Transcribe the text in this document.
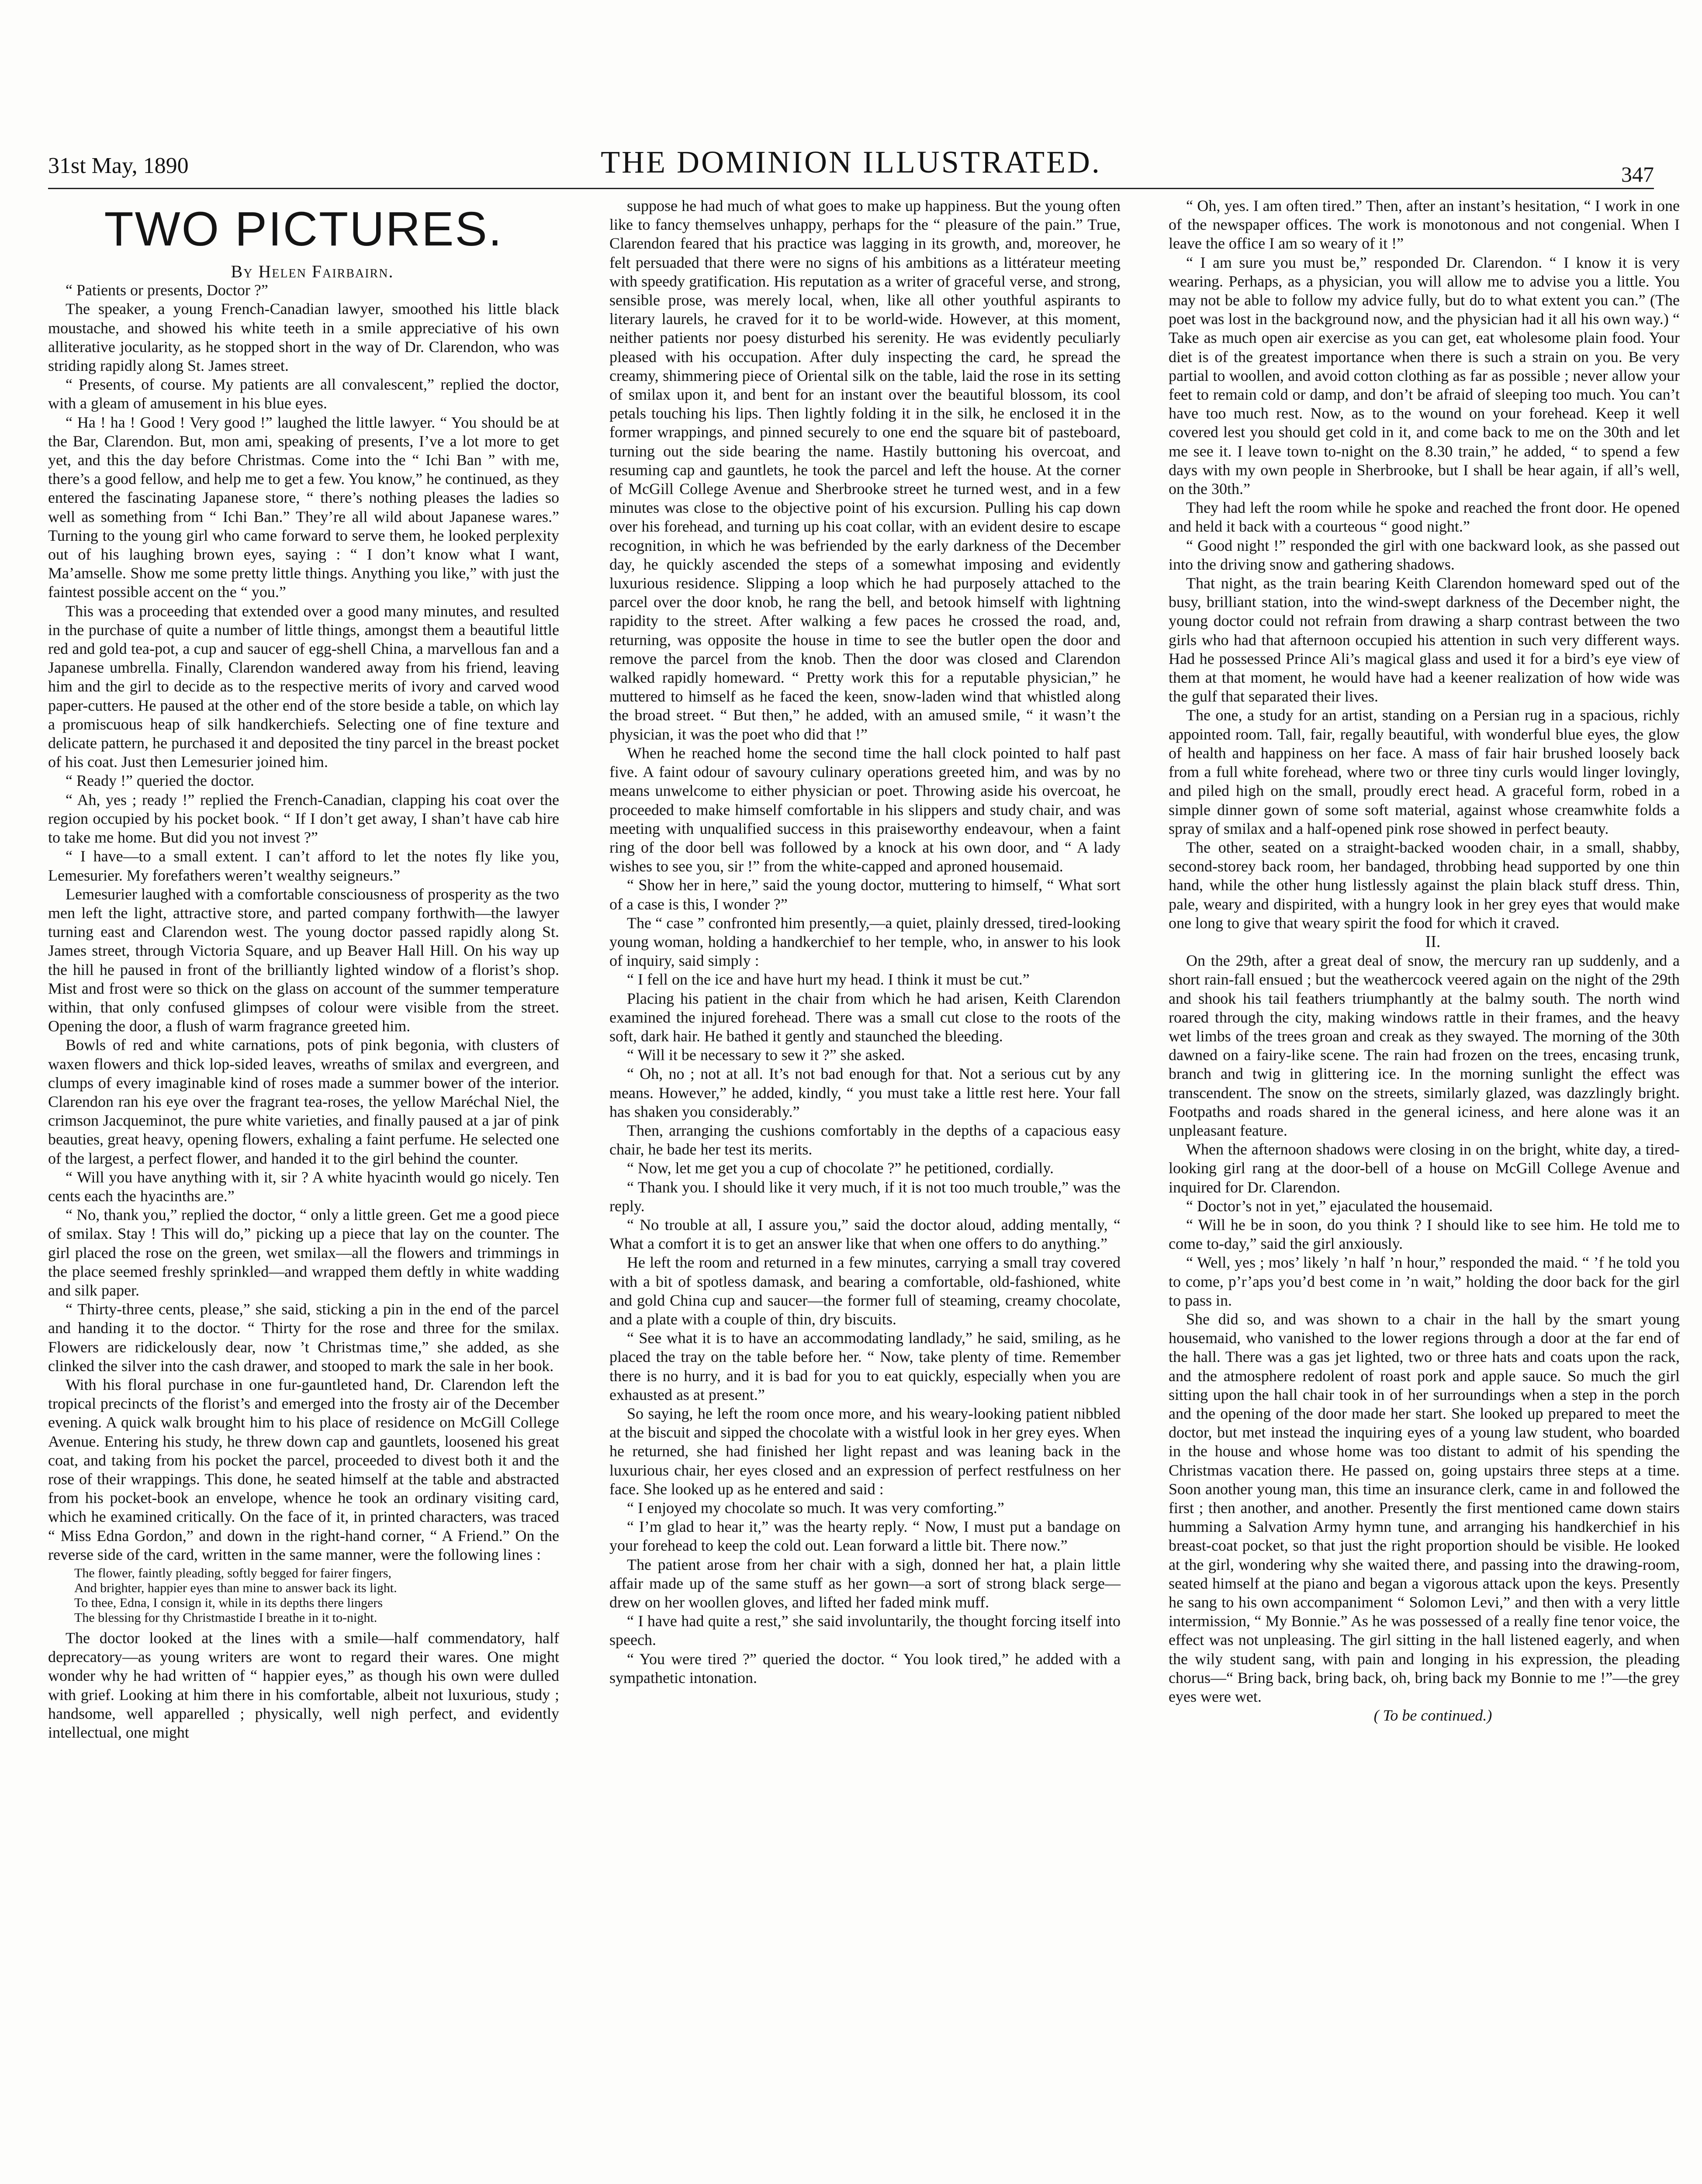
31st May, 1890	THE DOMINION ILLUSTRATED.	347
TWO PICTURES.

By Helen Fairbairn.

“ Patients or presents, Doctor ?”

The speaker, a young French-Canadian lawyer, smoothed his little black moustache, and showed his white teeth in a smile appreciative of his own alliterative jocularity, as he stopped short in the way of Dr. Clarendon, who was striding rapidly along St. James street.

“ Presents, of course. My patients are all convalescent,” replied the doctor, with a gleam of amusement in his blue eyes.

“ Ha ! ha ! Good ! Very good !” laughed the little lawyer. “ You should be at the Bar, Clarendon. But, mon ami, speaking of presents, I’ve a lot more to get yet, and this the day before Christmas. Come into the “ Ichi Ban ” with me, there’s a good fellow, and help me to get a few. You know,” he continued, as they entered the fascinating Japanese store, “ there’s nothing pleases the ladies so well as something from “ Ichi Ban.” They’re all wild about Japanese wares.” Turning to the young girl who came forward to serve them, he looked perplexity out of his laughing brown eyes, saying : “ I don’t know what I want, Ma’amselle. Show me some pretty little things. Anything you like,” with just the faintest possible accent on the “ you.”

This was a proceeding that extended over a good many minutes, and resulted in the purchase of quite a number of little things, amongst them a beautiful little red and gold tea-pot, a cup and saucer of egg-shell China, a marvellous fan and a Japanese umbrella. Finally, Clarendon wandered away from his friend, leaving him and the girl to decide as to the respective merits of ivory and carved wood paper-cutters. He paused at the other end of the store beside a table, on which lay a promiscuous heap of silk handkerchiefs. Selecting one of fine texture and delicate pattern, he purchased it and deposited the tiny parcel in the breast pocket of his coat. Just then Lemesurier joined him.

“ Ready !” queried the doctor.

“ Ah, yes ; ready !” replied the French-Canadian, clapping his coat over the region occupied by his pocket book. “ If I don’t get away, I shan’t have cab hire to take me home. But did you not invest ?”

“ I have—to a small extent. I can’t afford to let the notes fly like you, Lemesurier. My forefathers weren’t wealthy seigneurs.”

Lemesurier laughed with a comfortable consciousness of prosperity as the two men left the light, attractive store, and parted company forthwith—the lawyer turning east and Clarendon west. The young doctor passed rapidly along St. James street, through Victoria Square, and up Beaver Hall Hill. On his way up the hill he paused in front of the brilliantly lighted window of a florist’s shop. Mist and frost were so thick on the glass on account of the summer temperature within, that only confused glimpses of colour were visible from the street. Opening the door, a flush of warm fragrance greeted him.

Bowls of red and white carnations, pots of pink begonia, with clusters of waxen flowers and thick lop-sided leaves, wreaths of smilax and evergreen, and clumps of every imaginable kind of roses made a summer bower of the interior. Clarendon ran his eye over the fragrant tea-roses, the yellow Maréchal Niel, the crimson Jacqueminot, the pure white varieties, and finally paused at a jar of pink beauties, great heavy, opening flowers, exhaling a faint perfume. He selected one of the largest, a perfect flower, and handed it to the girl behind the counter.

“ Will you have anything with it, sir ? A white hyacinth would go nicely. Ten cents each the hyacinths are.”

“ No, thank you,” replied the doctor, “ only a little green. Get me a good piece of smilax. Stay ! This will do,” picking up a piece that lay on the counter. The girl placed the rose on the green, wet smilax—all the flowers and trimmings in the place seemed freshly sprinkled—and wrapped them deftly in white wadding and silk paper.

“ Thirty-three cents, please,” she said, sticking a pin in the end of the parcel and handing it to the doctor. “ Thirty for the rose and three for the smilax. Flowers are ridickelously dear, now ’t Christmas time,” she added, as she clinked the silver into the cash drawer, and stooped to mark the sale in her book.

With his floral purchase in one fur-gauntleted hand, Dr. Clarendon left the tropical precincts of the florist’s and emerged into the frosty air of the December evening. A quick walk brought him to his place of residence on McGill College Avenue. Entering his study, he threw down cap and gauntlets, loosened his great coat, and taking from his pocket the parcel, proceeded to divest both it and the rose of their wrappings. This done, he seated himself at the table and abstracted from his pocket-book an envelope, whence he took an ordinary visiting card, which he examined critically. On the face of it, in printed characters, was traced “ Miss Edna Gordon,” and down in the right-hand corner, “ A Friend.” On the reverse side of the card, written in the same manner, were the following lines :

The flower, faintly pleading, softly begged for fairer fingers,
And brighter, happier eyes than mine to answer back its light.
To thee, Edna, I consign it, while in its depths there lingers
The blessing for thy Christmastide I breathe in it to-night.

The doctor looked at the lines with a smile—half commendatory, half deprecatory—as young writers are wont to regard their wares. One might wonder why he had written of “ happier eyes,” as though his own were dulled with grief. Looking at him there in his comfortable, albeit not luxurious, study ; handsome, well apparelled ; physically, well nigh perfect, and evidently intellectual, one might

suppose he had much of what goes to make up happiness. But the young often like to fancy themselves unhappy, perhaps for the “ pleasure of the pain.” True, Clarendon feared that his practice was lagging in its growth, and, moreover, he felt persuaded that there were no signs of his ambitions as a littérateur meeting with speedy gratification. His reputation as a writer of graceful verse, and strong, sensible prose, was merely local, when, like all other youthful aspirants to literary laurels, he craved for it to be world-wide. However, at this moment, neither patients nor poesy disturbed his serenity. He was evidently peculiarly pleased with his occupation. After duly inspecting the card, he spread the creamy, shimmering piece of Oriental silk on the table, laid the rose in its setting of smilax upon it, and bent for an instant over the beautiful blossom, its cool petals touching his lips. Then lightly folding it in the silk, he enclosed it in the former wrappings, and pinned securely to one end the square bit of pasteboard, turning out the side bearing the name. Hastily buttoning his overcoat, and resuming cap and gauntlets, he took the parcel and left the house. At the corner of McGill College Avenue and Sherbrooke street he turned west, and in a few minutes was close to the objective point of his excursion. Pulling his cap down over his forehead, and turning up his coat collar, with an evident desire to escape recognition, in which he was befriended by the early darkness of the December day, he quickly ascended the steps of a somewhat imposing and evidently luxurious residence. Slipping a loop which he had purposely attached to the parcel over the door knob, he rang the bell, and betook himself with lightning rapidity to the street. After walking a few paces he crossed the road, and, returning, was opposite the house in time to see the butler open the door and remove the parcel from the knob. Then the door was closed and Clarendon walked rapidly homeward. “ Pretty work this for a reputable physician,” he muttered to himself as he faced the keen, snow-laden wind that whistled along the broad street. “ But then,” he added, with an amused smile, “ it wasn’t the physician, it was the poet who did that !”

When he reached home the second time the hall clock pointed to half past five. A faint odour of savoury culinary operations greeted him, and was by no means unwelcome to either physician or poet. Throwing aside his overcoat, he proceeded to make himself comfortable in his slippers and study chair, and was meeting with unqualified success in this praiseworthy endeavour, when a faint ring of the door bell was followed by a knock at his own door, and “ A lady wishes to see you, sir !” from the white-capped and aproned housemaid.

“ Show her in here,” said the young doctor, muttering to himself, “ What sort of a case is this, I wonder ?”

The “ case ” confronted him presently,—a quiet, plainly dressed, tired-looking young woman, holding a handkerchief to her temple, who, in answer to his look of inquiry, said simply :

“ I fell on the ice and have hurt my head. I think it must be cut.”

Placing his patient in the chair from which he had arisen, Keith Clarendon examined the injured forehead. There was a small cut close to the roots of the soft, dark hair. He bathed it gently and staunched the bleeding.

“ Will it be necessary to sew it ?” she asked.

“ Oh, no ; not at all. It’s not bad enough for that. Not a serious cut by any means. However,” he added, kindly, “ you must take a little rest here. Your fall has shaken you considerably.”

Then, arranging the cushions comfortably in the depths of a capacious easy chair, he bade her test its merits.

“ Now, let me get you a cup of chocolate ?” he petitioned, cordially.

“ Thank you. I should like it very much, if it is not too much trouble,” was the reply.

“ No trouble at all, I assure you,” said the doctor aloud, adding mentally, “ What a comfort it is to get an answer like that when one offers to do anything.”

He left the room and returned in a few minutes, carrying a small tray covered with a bit of spotless damask, and bearing a comfortable, old-fashioned, white and gold China cup and saucer—the former full of steaming, creamy chocolate, and a plate with a couple of thin, dry biscuits.

“ See what it is to have an accommodating landlady,” he said, smiling, as he placed the tray on the table before her. “ Now, take plenty of time. Remember there is no hurry, and it is bad for you to eat quickly, especially when you are exhausted as at present.”

So saying, he left the room once more, and his weary-looking patient nibbled at the biscuit and sipped the chocolate with a wistful look in her grey eyes. When he returned, she had finished her light repast and was leaning back in the luxurious chair, her eyes closed and an expression of perfect restfulness on her face. She looked up as he entered and said :

“ I enjoyed my chocolate so much. It was very comforting.”

“ I’m glad to hear it,” was the hearty reply. “ Now, I must put a bandage on your forehead to keep the cold out. Lean forward a little bit. There now.”

The patient arose from her chair with a sigh, donned her hat, a plain little affair made up of the same stuff as her gown—a sort of strong black serge—drew on her woollen gloves, and lifted her faded mink muff.

“ I have had quite a rest,” she said involuntarily, the thought forcing itself into speech.

“ You were tired ?” queried the doctor. “ You look tired,” he added with a sympathetic intonation.

“ Oh, yes. I am often tired.” Then, after an instant’s hesitation, “ I work in one of the newspaper offices. The work is monotonous and not congenial. When I leave the office I am so weary of it !”

“ I am sure you must be,” responded Dr. Clarendon. “ I know it is very wearing. Perhaps, as a physician, you will allow me to advise you a little. You may not be able to follow my advice fully, but do to what extent you can.” (The poet was lost in the background now, and the physician had it all his own way.) “ Take as much open air exercise as you can get, eat wholesome plain food. Your diet is of the greatest importance when there is such a strain on you. Be very partial to woollen, and avoid cotton clothing as far as possible ; never allow your feet to remain cold or damp, and don’t be afraid of sleeping too much. You can’t have too much rest. Now, as to the wound on your forehead. Keep it well covered lest you should get cold in it, and come back to me on the 30th and let me see it. I leave town to-night on the 8.30 train,” he added, “ to spend a few days with my own people in Sherbrooke, but I shall be hear again, if all’s well, on the 30th.”

They had left the room while he spoke and reached the front door. He opened and held it back with a courteous “ good night.”

“ Good night !” responded the girl with one backward look, as she passed out into the driving snow and gathering shadows.

That night, as the train bearing Keith Clarendon homeward sped out of the busy, brilliant station, into the wind-swept darkness of the December night, the young doctor could not refrain from drawing a sharp contrast between the two girls who had that afternoon occupied his attention in such very different ways. Had he possessed Prince Ali’s magical glass and used it for a bird’s eye view of them at that moment, he would have had a keener realization of how wide was the gulf that separated their lives.

The one, a study for an artist, standing on a Persian rug in a spacious, richly appointed room. Tall, fair, regally beautiful, with wonderful blue eyes, the glow of health and happiness on her face. A mass of fair hair brushed loosely back from a full white forehead, where two or three tiny curls would linger lovingly, and piled high on the small, proudly erect head. A graceful form, robed in a simple dinner gown of some soft material, against whose creamwhite folds a spray of smilax and a half-opened pink rose showed in perfect beauty.

The other, seated on a straight-backed wooden chair, in a small, shabby, second-storey back room, her bandaged, throbbing head supported by one thin hand, while the other hung listlessly against the plain black stuff dress. Thin, pale, weary and dispirited, with a hungry look in her grey eyes that would make one long to give that weary spirit the food for which it craved.

II.

On the 29th, after a great deal of snow, the mercury ran up suddenly, and a short rain-fall ensued ; but the weathercock veered again on the night of the 29th and shook his tail feathers triumphantly at the balmy south. The north wind roared through the city, making windows rattle in their frames, and the heavy wet limbs of the trees groan and creak as they swayed. The morning of the 30th dawned on a fairy-like scene. The rain had frozen on the trees, encasing trunk, branch and twig in glittering ice. In the morning sunlight the effect was transcendent. The snow on the streets, similarly glazed, was dazzlingly bright. Footpaths and roads shared in the general iciness, and here alone was it an unpleasant feature.

When the afternoon shadows were closing in on the bright, white day, a tired-looking girl rang at the door-bell of a house on McGill College Avenue and inquired for Dr. Clarendon.

“ Doctor’s not in yet,” ejaculated the housemaid.

“ Will he be in soon, do you think ? I should like to see him. He told me to come to-day,” said the girl anxiously.

“ Well, yes ; mos’ likely ’n half ’n hour,” responded the maid. “ ’f he told you to come, p’r’aps you’d best come in ’n wait,” holding the door back for the girl to pass in.

She did so, and was shown to a chair in the hall by the smart young housemaid, who vanished to the lower regions through a door at the far end of the hall. There was a gas jet lighted, two or three hats and coats upon the rack, and the atmosphere redolent of roast pork and apple sauce. So much the girl sitting upon the hall chair took in of her surroundings when a step in the porch and the opening of the door made her start. She looked up prepared to meet the doctor, but met instead the inquiring eyes of a young law student, who boarded in the house and whose home was too distant to admit of his spending the Christmas vacation there. He passed on, going upstairs three steps at a time. Soon another young man, this time an insurance clerk, came in and followed the first ; then another, and another. Presently the first mentioned came down stairs humming a Salvation Army hymn tune, and arranging his handkerchief in his breast-coat pocket, so that just the right proportion should be visible. He looked at the girl, wondering why she waited there, and passing into the drawing-room, seated himself at the piano and began a vigorous attack upon the keys. Presently he sang to his own accompaniment “ Solomon Levi,” and then with a very little intermission, “ My Bonnie.” As he was possessed of a really fine tenor voice, the effect was not unpleasing. The girl sitting in the hall listened eagerly, and when the wily student sang, with pain and longing in his expression, the pleading chorus—“ Bring back, bring back, oh, bring back my Bonnie to me !”—the grey eyes were wet.

( To be continued.)
